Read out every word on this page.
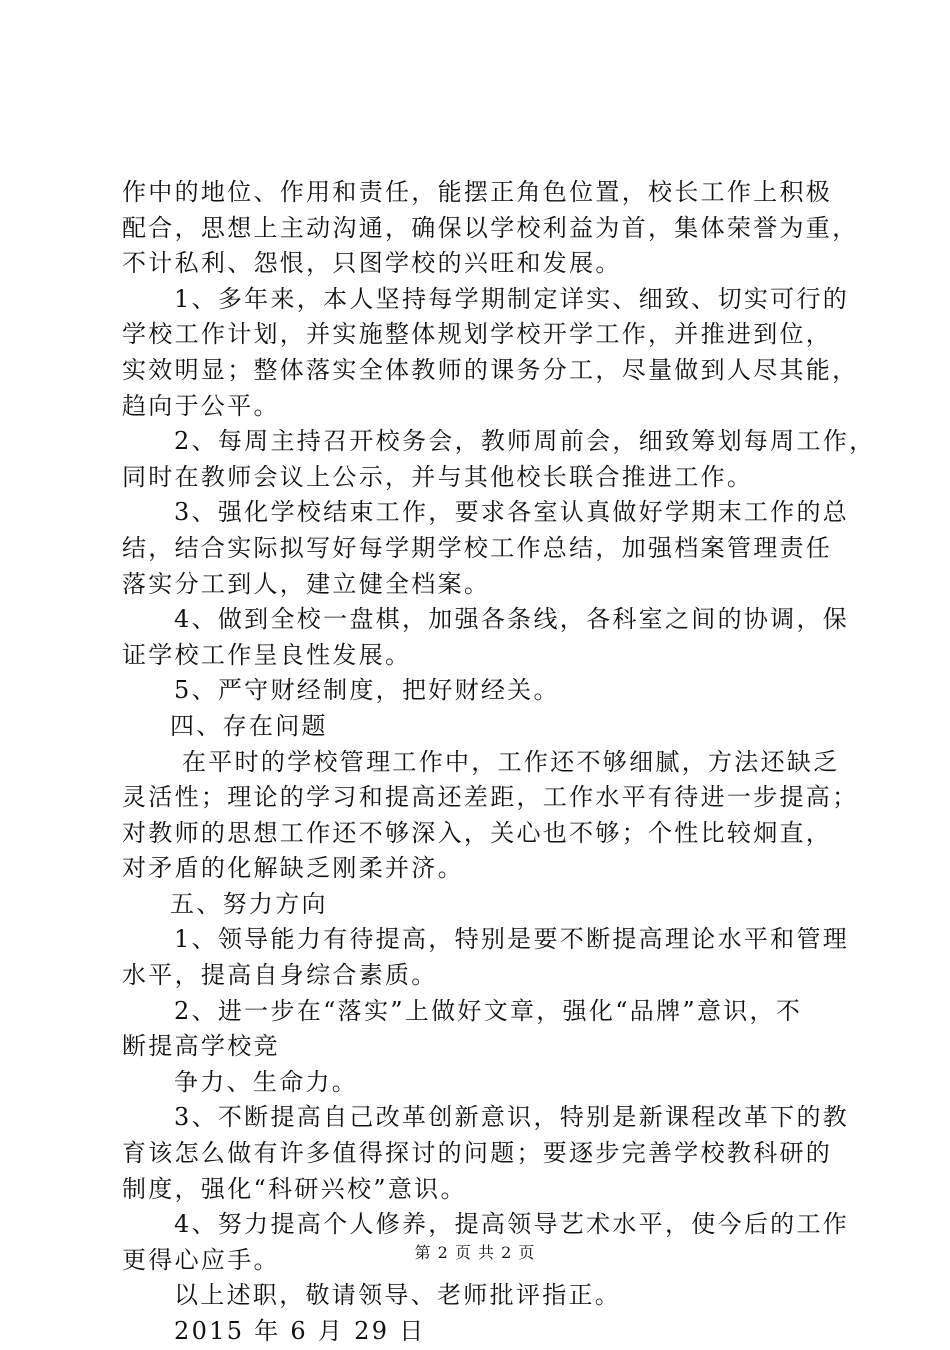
作中的地位、作用和责任，能摆正角色位置，校长工作上积极
配合，思想上主动沟通，确保以学校利益为首，集体荣誉为重，
不计私利、怨恨，只图学校的兴旺和发展。
1、多年来，本人坚持每学期制定详实、细致、切实可行的
学校工作计划，并实施整体规划学校开学工作，并推进到位，
实效明显；整体落实全体教师的课务分工，尽量做到人尽其能，
趋向于公平。
2、每周主持召开校务会，教师周前会，细致筹划每周工作，
同时在教师会议上公示，并与其他校长联合推进工作。
3、强化学校结束工作，要求各室认真做好学期末工作的总
结，结合实际拟写好每学期学校工作总结，加强档案管理责任
落实分工到人，建立健全档案。
4、做到全校一盘棋，加强各条线，各科室之间的协调，保
证学校工作呈良性发展。
5、严守财经制度，把好财经关。
四、存在问题
在平时的学校管理工作中，工作还不够细腻，方法还缺乏
灵活性；理论的学习和提高还差距，工作水平有待进一步提高；
对教师的思想工作还不够深入，关心也不够；个性比较炯直，
对矛盾的化解缺乏刚柔并济。
五、努力方向
1、领导能力有待提高，特别是要不断提高理论水平和管理
水平，提高自身综合素质。
2、进一步在“落实”上做好文章，强化“品牌”意识，不
断提高学校竞
争力、生命力。
3、不断提高自己改革创新意识，特别是新课程改革下的教
育该怎么做有许多值得探讨的问题；要逐步完善学校教科研的
制度，强化“科研兴校”意识。
4、努力提高个人修养，提高领导艺术水平，使今后的工作
更得心应手。
以上述职，敬请领导、老师批评指正。
2015 年 6 月 29 日
第 2 页 共 2 页
